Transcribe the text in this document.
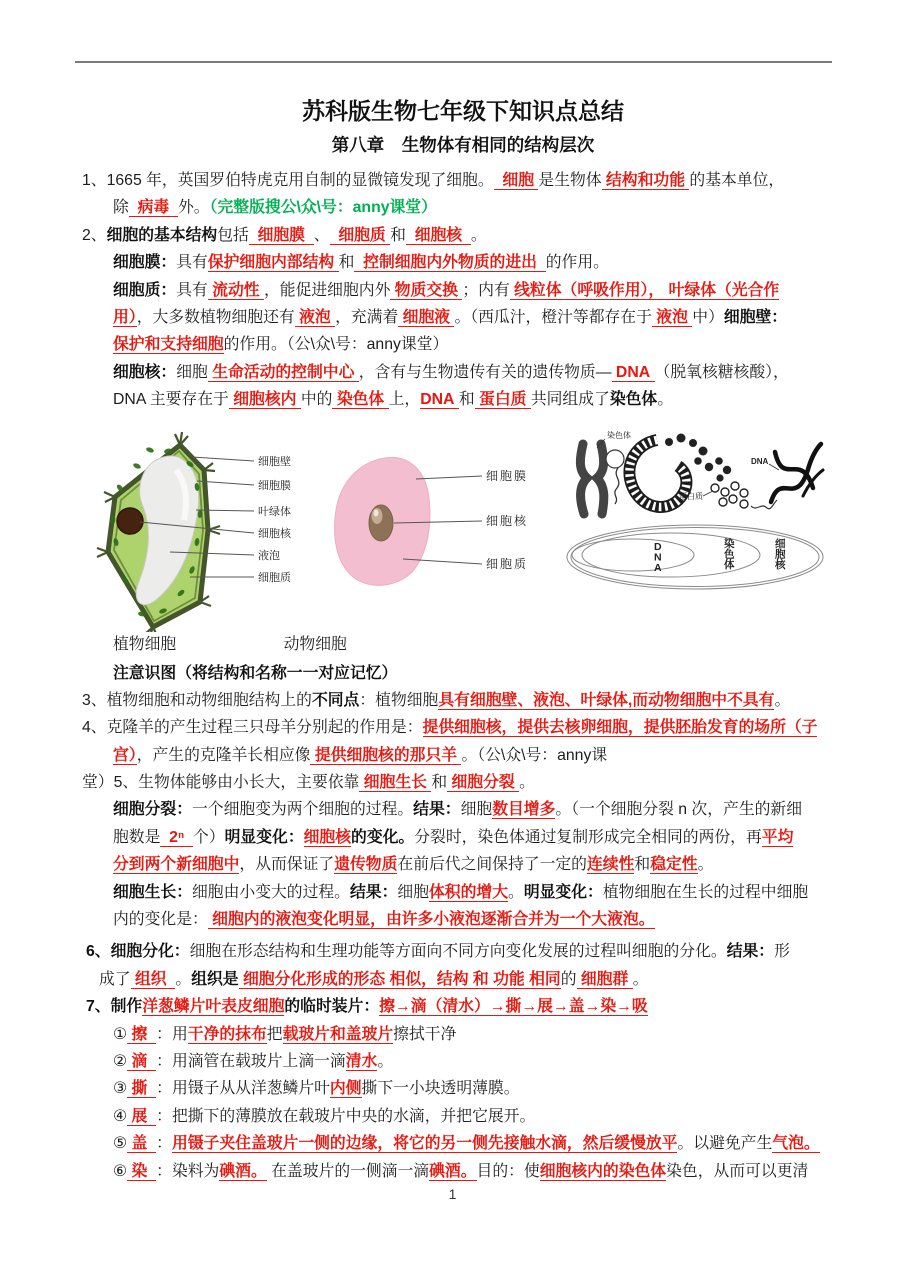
苏科版生物七年级下知识点总结
第八章　生物体有相同的结构层次
1、1665 年，英国罗伯特虎克用自制的显微镜发现了细胞。  细胞 是生物体 结构和功能 的基本单位，
除  病毒  外。（完整版搜公\众\号：anny课堂）
2、细胞的基本结构包括  细胞膜  、  细胞质 和  细胞核  。
细胞膜：具有保护细胞内部结构 和  控制细胞内外物质的进出  的作用。
细胞质：具有 流动性 ，能促进细胞内外 物质交换 ；内有 线粒体（呼吸作用）， 叶绿体（光合作
用），大多数植物细胞还有 液泡 ，充满着 细胞液 。（西瓜汁，橙汁等都存在于 液泡 中）细胞壁：
保护和支持细胞的作用。（公\众\号：anny课堂）
细胞核：细胞 生命活动的控制中心 ，含有与生物遗传有关的遗传物质— DNA （脱氧核糖核酸），
DNA 主要存在于 细胞核内 中的 染色体 上，DNA 和 蛋白质 共同组成了染色体。
细胞壁
细胞膜
叶绿体
细胞核
液泡
细胞质
细胞膜
细胞核
细胞质
染色体
蛋白质
DNA
D N A
染色体
细胞核
植物细胞	动物细胞
注意识图（将结构和名称一一对应记忆）
3、植物细胞和动物细胞结构上的不同点：植物细胞具有细胞壁、液泡、叶绿体,而动物细胞中不具有。
4、克隆羊的产生过程三只母羊分别起的作用是：提供细胞核，提供去核卵细胞，提供胚胎发育的场所（子
宫），产生的克隆羊长相应像 提供细胞核的那只羊 。（公\众\号：anny课
堂）5、生物体能够由小长大，主要依靠 细胞生长 和 细胞分裂 。
细胞分裂：一个细胞变为两个细胞的过程。结果：细胞数目增多。（一个细胞分裂 n 次，产生的新细
胞数是  2ⁿ  个）明显变化：细胞核的变化。分裂时，染色体通过复制形成完全相同的两份，再平均
分到两个新细胞中，从而保证了遗传物质在前后代之间保持了一定的连续性和稳定性。
细胞生长：细胞由小变大的过程。结果：细胞体积的增大。明显变化：植物细胞在生长的过程中细胞
内的变化是： 细胞内的液泡变化明显，由许多小液泡逐渐合并为一个大液泡。
6、细胞分化：细胞在形态结构和生理功能等方面向不同方向变化发展的过程叫细胞的分化。结果：形
成了 组织  。组织是 细胞分化形成的形态 相似，结构 和 功能 相同的 细胞群 。
7、制作洋葱鳞片叶表皮细胞的临时装片：擦→滴（清水）→撕→展→盖→染→吸
① 擦  ：用干净的抹布把载玻片和盖玻片擦拭干净
② 滴  ：用滴管在载玻片上滴一滴清水。
③ 撕  ：用镊子从从洋葱鳞片叶内侧撕下一小块透明薄膜。
④ 展  ：把撕下的薄膜放在载玻片中央的水滴，并把它展开。
⑤ 盖  ：用镊子夹住盖玻片一侧的边缘，将它的另一侧先接触水滴，然后缓慢放平。以避免产生气泡。
⑥ 染  ：染料为碘酒。 在盖玻片的一侧滴一滴碘酒。目的：使细胞核内的染色体染色，从而可以更清
1
